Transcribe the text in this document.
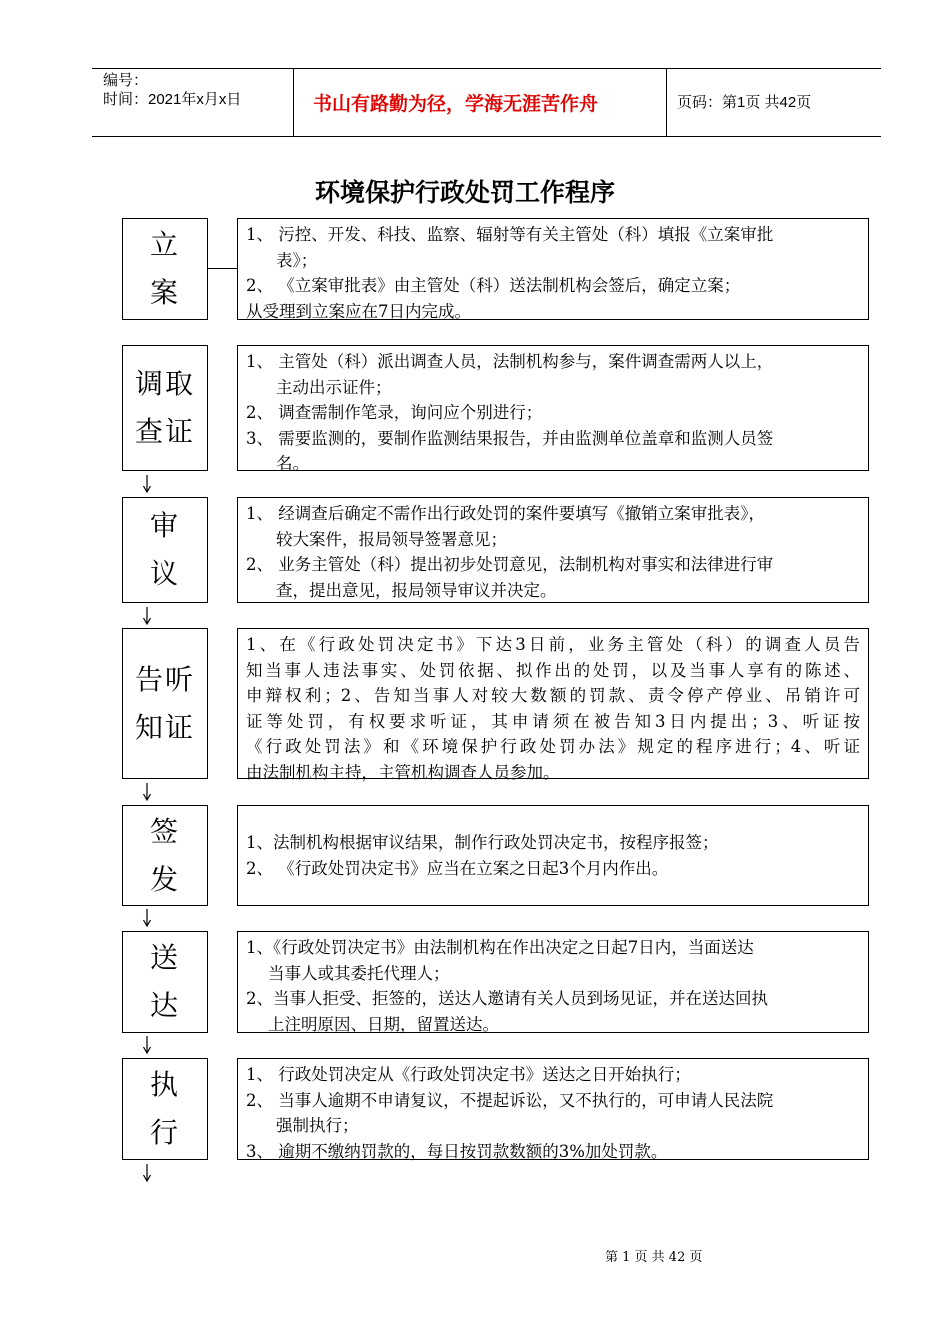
编号：
时间：2021年x月x日	书山有路勤为径，学海无涯苦作舟	页码：第1页 共42页
环境保护行政处罚工作程序
立
案
1、 污控、开发、科技、监察、辐射等有关主管处（科）填报《立案审批
表》；
2、 《立案审批表》由主管处（科）送法制机构会签后，确定立案；
从受理到立案应在7日内完成。
调取
查证
1、 主管处（科）派出调查人员，法制机构参与，案件调查需两人以上，
主动出示证件；
2、 调查需制作笔录，询问应个别进行；
3、 需要监测的，要制作监测结果报告，并由监测单位盖章和监测人员签
名。
审
议
1、 经调查后确定不需作出行政处罚的案件要填写《撤销立案审批表》，
较大案件，报局领导签署意见；
2、 业务主管处（科）提出初步处罚意见，法制机构对事实和法律进行审
查，提出意见，报局领导审议并决定。
告听
知证
1、在《行政处罚决定书》下达3日前，业务主管处（科）的调查人员告
知当事人违法事实、处罚依据、拟作出的处罚，以及当事人享有的陈述、
申辩权利；2、告知当事人对较大数额的罚款、责令停产停业、吊销许可
证等处罚，有权要求听证，其申请须在被告知3日内提出；3、听证按
《行政处罚法》和《环境保护行政处罚办法》规定的程序进行；4、听证
由法制机构主持，主管机构调查人员参加。
签
发
1、法制机构根据审议结果，制作行政处罚决定书，按程序报签；
2、 《行政处罚决定书》应当在立案之日起3个月内作出。
送
达
1、《行政处罚决定书》由法制机构在作出决定之日起7日内，当面送达
当事人或其委托代理人；
2、当事人拒受、拒签的，送达人邀请有关人员到场见证，并在送达回执
上注明原因、日期，留置送达。
执
行
1、 行政处罚决定从《行政处罚决定书》送达之日开始执行；
2、 当事人逾期不申请复议，不提起诉讼，又不执行的，可申请人民法院
强制执行；
3、 逾期不缴纳罚款的，每日按罚款数额的3%加处罚款。
第 1 页 共 42 页
